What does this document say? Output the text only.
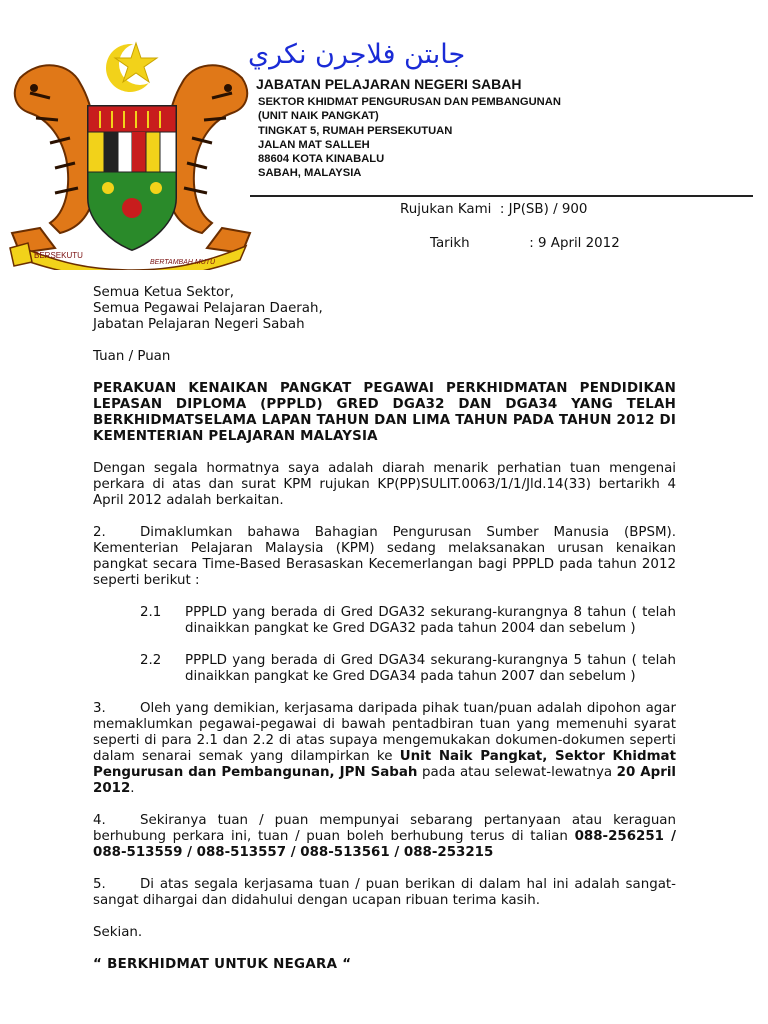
BERSEKUTU
BERTAMBAH MUTU
جابتن فلاجرن نکري
JABATAN PELAJARAN NEGERI SABAH
SEKTOR KHIDMAT PENGURUSAN DAN PEMBANGUNAN
(UNIT NAIK PANGKAT)
TINGKAT 5, RUMAH PERSEKUTUAN
JALAN MAT SALLEH
88604 KOTA KINABALU
SABAH, MALAYSIA
Rujukan Kami : JP(SB) / 900
Tarikh	: 9 April 2012

Semua Ketua Sektor,

Semua Pegawai Pelajaran Daerah,

Jabatan Pelajaran Negeri Sabah

Tuan / Puan

PERAKUAN KENAIKAN PANGKAT PEGAWAI PERKHIDMATAN PENDIDIKAN LEPASAN DIPLOMA (PPPLD) GRED DGA32 DAN DGA34 YANG TELAH BERKHIDMATSELAMA LAPAN TAHUN DAN LIMA TAHUN PADA TAHUN 2012 DI KEMENTERIAN PELAJARAN MALAYSIA

Dengan segala hormatnya saya adalah diarah menarik perhatian tuan mengenai perkara di atas dan surat KPM rujukan KP(PP)SULIT.0063/1/1/Jld.14(33) bertarikh 4 April 2012 adalah berkaitan.

2.	Dimaklumkan bahawa Bahagian Pengurusan Sumber Manusia (BPSM). Kementerian Pelajaran Malaysia (KPM) sedang melaksanakan urusan kenaikan pangkat secara Time-Based Berasaskan Kecemerlangan bagi PPPLD pada tahun 2012 seperti berikut :

2.1 PPPLD yang berada di Gred DGA32 sekurang-kurangnya 8 tahun ( telah      dinaikkan pangkat ke Gred DGA32 pada tahun 2004 dan sebelum )

2.2 PPPLD yang berada di Gred DGA34 sekurang-kurangnya 5 tahun ( telah      dinaikkan pangkat ke Gred DGA34 pada tahun 2007 dan sebelum )

3.	Oleh yang demikian, kerjasama daripada pihak tuan/puan adalah dipohon agar memaklumkan pegawai-pegawai di bawah pentadbiran tuan yang memenuhi syarat seperti di para 2.1 dan 2.2 di atas supaya mengemukakan dokumen-dokumen seperti dalam senarai semak yang dilampirkan ke Unit Naik Pangkat, Sektor Khidmat Pengurusan dan Pembangunan, JPN Sabah pada atau selewat-lewatnya 20 April 2012.

4.	Sekiranya tuan / puan mempunyai sebarang pertanyaan atau keraguan berhubung perkara ini, tuan / puan boleh berhubung terus di talian 088-256251 / 088-513559 / 088-513557 / 088-513561 / 088-253215

5.	Di atas segala kerjasama tuan / puan berikan di dalam hal ini adalah sangat-sangat dihargai dan didahului dengan ucapan ribuan terima kasih.

Sekian.

“ BERKHIDMAT UNTUK NEGARA “
